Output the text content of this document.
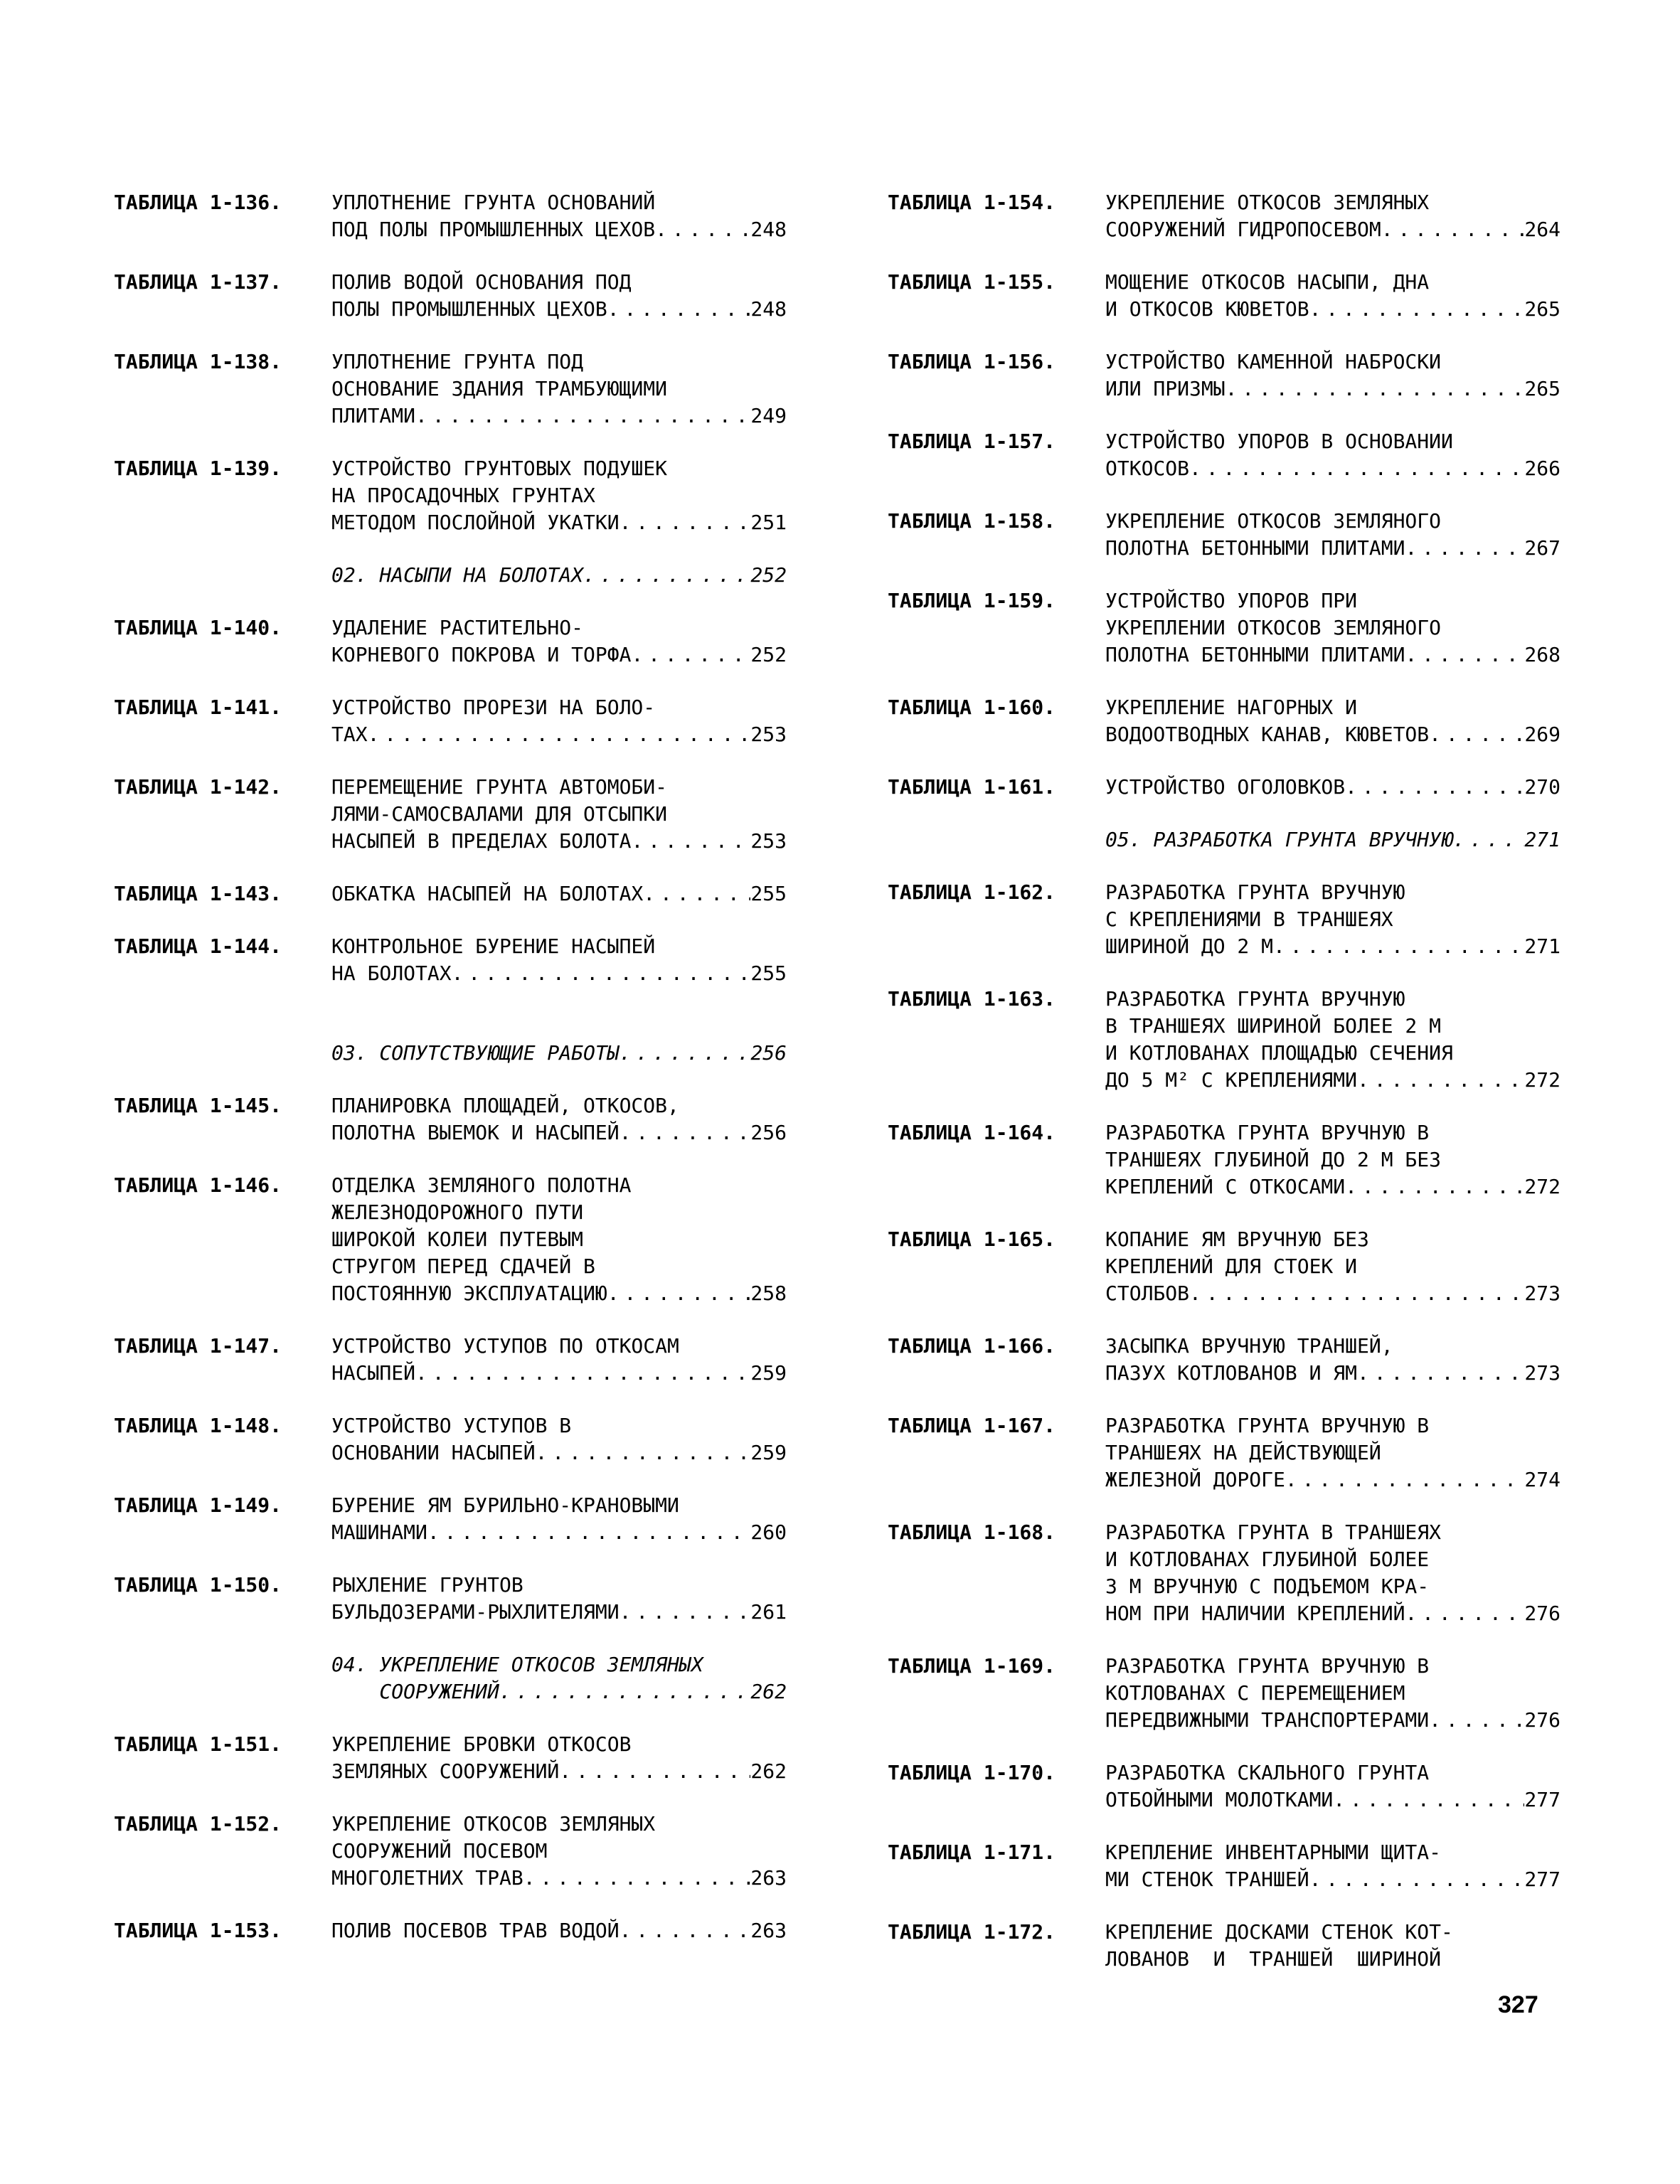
ТАБЛИЦА 1-136.	УПЛОТНЕНИЕ ГРУНТА ОСНОВАНИЙ
ПОД ПОЛЫ ПРОМЫШЛЕННЫХ ЦЕХОВ . . .	248
ТАБЛИЦА 1-137.	ПОЛИВ ВОДОЙ ОСНОВАНИЯ ПОД
ПОЛЫ ПРОМЫШЛЕННЫХ ЦЕХОВ . . .	248
ТАБЛИЦА 1-138.	УПЛОТНЕНИЕ ГРУНТА ПОД
ОСНОВАНИЕ ЗДАНИЯ ТРАМБУЮЩИМИ
ПЛИТАМИ . . .	249
ТАБЛИЦА 1-139.	УСТРОЙСТВО ГРУНТОВЫХ ПОДУШЕК
НА ПРОСАДОЧНЫХ ГРУНТАХ
МЕТОДОМ ПОСЛОЙНОЙ УКАТКИ . . .	251
02. НАСЫПИ НА БОЛОТАХ . . .	252
ТАБЛИЦА 1-140.	УДАЛЕНИЕ РАСТИТЕЛЬНО-
КОРНЕВОГО ПОКРОВА И ТОРФА . . .	252
ТАБЛИЦА 1-141.	УСТРОЙСТВО ПРОРЕЗИ НА БОЛО-
ТАХ . . .	253
ТАБЛИЦА 1-142.	ПЕРЕМЕЩЕНИЕ ГРУНТА АВТОМОБИ-
ЛЯМИ-САМОСВАЛАМИ ДЛЯ ОТСЫПКИ
НАСЫПЕЙ В ПРЕДЕЛАХ БОЛОТА . . .	253
ТАБЛИЦА 1-143.	ОБКАТКА НАСЫПЕЙ НА БОЛОТАХ . . .	255
ТАБЛИЦА 1-144.	КОНТРОЛЬНОЕ БУРЕНИЕ НАСЫПЕЙ
НА БОЛОТАХ . . .	255
03. СОПУТСТВУЮЩИЕ РАБОТЫ . . .	256
ТАБЛИЦА 1-145.	ПЛАНИРОВКА ПЛОЩАДЕЙ, ОТКОСОВ,
ПОЛОТНА ВЫЕМОК И НАСЫПЕЙ . . .	256
ТАБЛИЦА 1-146.	ОТДЕЛКА ЗЕМЛЯНОГО ПОЛОТНА
ЖЕЛЕЗНОДОРОЖНОГО ПУТИ
ШИРОКОЙ КОЛЕИ ПУТЕВЫМ
СТРУГОМ ПЕРЕД СДАЧЕЙ В
ПОСТОЯННУЮ ЭКСПЛУАТАЦИЮ . . .	258
ТАБЛИЦА 1-147.	УСТРОЙСТВО УСТУПОВ ПО ОТКОСАМ
НАСЫПЕЙ . . .	259
ТАБЛИЦА 1-148.	УСТРОЙСТВО УСТУПОВ В
ОСНОВАНИИ НАСЫПЕЙ . . .	259
ТАБЛИЦА 1-149.	БУРЕНИЕ ЯМ БУРИЛЬНО-КРАНОВЫМИ
МАШИНАМИ . . .	260
ТАБЛИЦА 1-150.	РЫХЛЕНИЕ ГРУНТОВ
БУЛЬДОЗЕРАМИ-РЫХЛИТЕЛЯМИ . . .	261
04. УКРЕПЛЕНИЕ ОТКОСОВ ЗЕМЛЯНЫХ
СООРУЖЕНИЙ . . .	262
ТАБЛИЦА 1-151.	УКРЕПЛЕНИЕ БРОВКИ ОТКОСОВ
ЗЕМЛЯНЫХ СООРУЖЕНИЙ . . .	262
ТАБЛИЦА 1-152.	УКРЕПЛЕНИЕ ОТКОСОВ ЗЕМЛЯНЫХ
СООРУЖЕНИЙ ПОСЕВОМ
МНОГОЛЕТНИХ ТРАВ . . .	263
ТАБЛИЦА 1-153.	ПОЛИВ ПОСЕВОВ ТРАВ ВОДОЙ . . .	263
ТАБЛИЦА 1-154.	УКРЕПЛЕНИЕ ОТКОСОВ ЗЕМЛЯНЫХ
СООРУЖЕНИЙ ГИДРОПОСЕВОМ . . .	264
ТАБЛИЦА 1-155.	МОЩЕНИЕ ОТКОСОВ НАСЫПИ, ДНА
И ОТКОСОВ КЮВЕТОВ . . .	265
ТАБЛИЦА 1-156.	УСТРОЙСТВО КАМЕННОЙ НАБРОСКИ
ИЛИ ПРИЗМЫ . . .	265
ТАБЛИЦА 1-157.	УСТРОЙСТВО УПОРОВ В ОСНОВАНИИ
ОТКОСОВ . . .	266
ТАБЛИЦА 1-158.	УКРЕПЛЕНИЕ ОТКОСОВ ЗЕМЛЯНОГО
ПОЛОТНА БЕТОННЫМИ ПЛИТАМИ . . .	267
ТАБЛИЦА 1-159.	УСТРОЙСТВО УПОРОВ ПРИ
УКРЕПЛЕНИИ ОТКОСОВ ЗЕМЛЯНОГО
ПОЛОТНА БЕТОННЫМИ ПЛИТАМИ . . .	268
ТАБЛИЦА 1-160.	УКРЕПЛЕНИЕ НАГОРНЫХ И
ВОДООТВОДНЫХ КАНАВ, КЮВЕТОВ . . .	269
ТАБЛИЦА 1-161.	УСТРОЙСТВО ОГОЛОВКОВ . . .	270
05. РАЗРАБОТКА ГРУНТА ВРУЧНУЮ . . .	271
ТАБЛИЦА 1-162.	РАЗРАБОТКА ГРУНТА ВРУЧНУЮ
С КРЕПЛЕНИЯМИ В ТРАНШЕЯХ
ШИРИНОЙ ДО 2 М . . .	271
ТАБЛИЦА 1-163.	РАЗРАБОТКА ГРУНТА ВРУЧНУЮ
В ТРАНШЕЯХ ШИРИНОЙ БОЛЕЕ 2 М
И КОТЛОВАНАХ ПЛОЩАДЬЮ СЕЧЕНИЯ
ДО 5 М² С КРЕПЛЕНИЯМИ . . .	272
ТАБЛИЦА 1-164.	РАЗРАБОТКА ГРУНТА ВРУЧНУЮ В
ТРАНШЕЯХ ГЛУБИНОЙ ДО 2 М БЕЗ
КРЕПЛЕНИЙ С ОТКОСАМИ . . .	272
ТАБЛИЦА 1-165.	КОПАНИЕ ЯМ ВРУЧНУЮ БЕЗ
КРЕПЛЕНИЙ ДЛЯ СТОЕК И
СТОЛБОВ . . .	273
ТАБЛИЦА 1-166.	ЗАСЫПКА ВРУЧНУЮ ТРАНШЕЙ,
ПАЗУХ КОТЛОВАНОВ И ЯМ . . .	273
ТАБЛИЦА 1-167.	РАЗРАБОТКА ГРУНТА ВРУЧНУЮ В
ТРАНШЕЯХ НА ДЕЙСТВУЮЩЕЙ
ЖЕЛЕЗНОЙ ДОРОГЕ . . .	274
ТАБЛИЦА 1-168.	РАЗРАБОТКА ГРУНТА В ТРАНШЕЯХ
И КОТЛОВАНАХ ГЛУБИНОЙ БОЛЕЕ
3 М ВРУЧНУЮ С ПОДЪЕМОМ КРА-
НОМ ПРИ НАЛИЧИИ КРЕПЛЕНИЙ . . .	276
ТАБЛИЦА 1-169.	РАЗРАБОТКА ГРУНТА ВРУЧНУЮ В
КОТЛОВАНАХ С ПЕРЕМЕЩЕНИЕМ
ПЕРЕДВИЖНЫМИ ТРАНСПОРТЕРАМИ . . .	276
ТАБЛИЦА 1-170.	РАЗРАБОТКА СКАЛЬНОГО ГРУНТА
ОТБОЙНЫМИ МОЛОТКАМИ . . .	277
ТАБЛИЦА 1-171.	КРЕПЛЕНИЕ ИНВЕНТАРНЫМИ ЩИТА-
МИ СТЕНОК ТРАНШЕЙ . . .	277
ТАБЛИЦА 1-172.	КРЕПЛЕНИЕ ДОСКАМИ СТЕНОК КОТ-
ЛОВАНОВ  И  ТРАНШЕЙ  ШИРИНОЙ
327
